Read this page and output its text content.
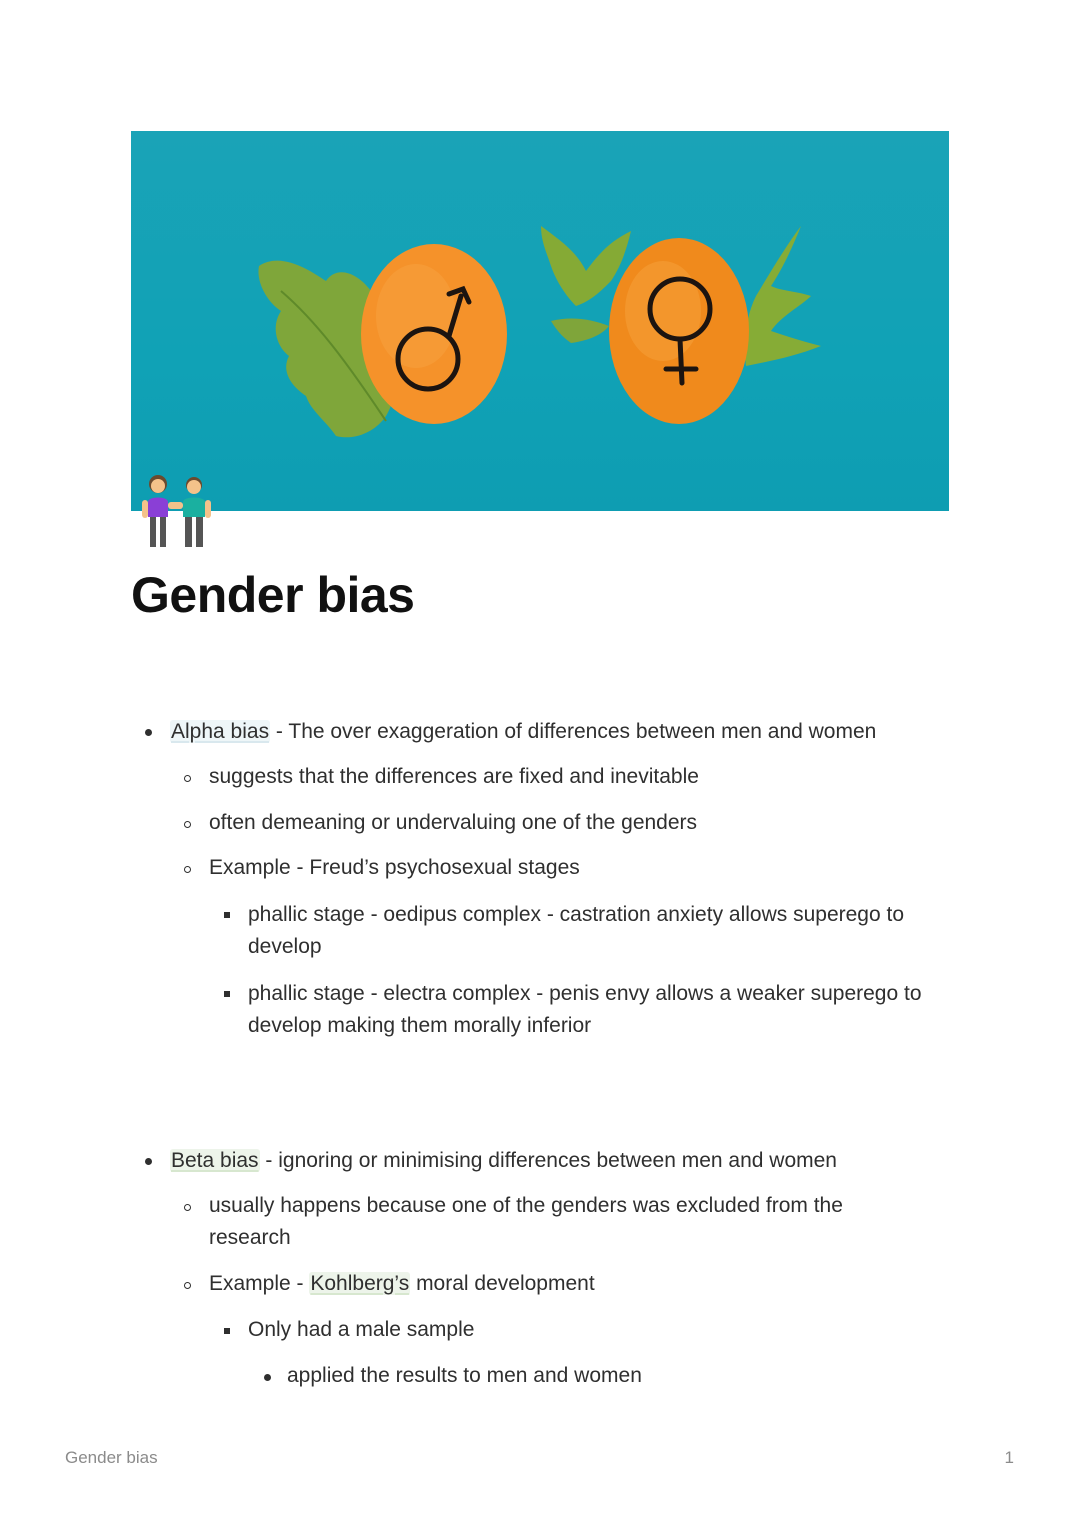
Gender bias
Alpha bias - The over exaggeration of differences between men and women
suggests that the differences are fixed and inevitable
often demeaning or undervaluing one of the genders
Example - Freud’s psychosexual stages
phallic stage - oedipus complex - castration anxiety allows superego to
develop
phallic stage - electra complex - penis envy allows a weaker superego to
develop making them morally inferior
Beta bias - ignoring or minimising differences between men and women
usually happens because one of the genders was excluded from the
research
Example - Kohlberg’s moral development
Only had a male sample
applied the results to men and women
Gender bias	1
